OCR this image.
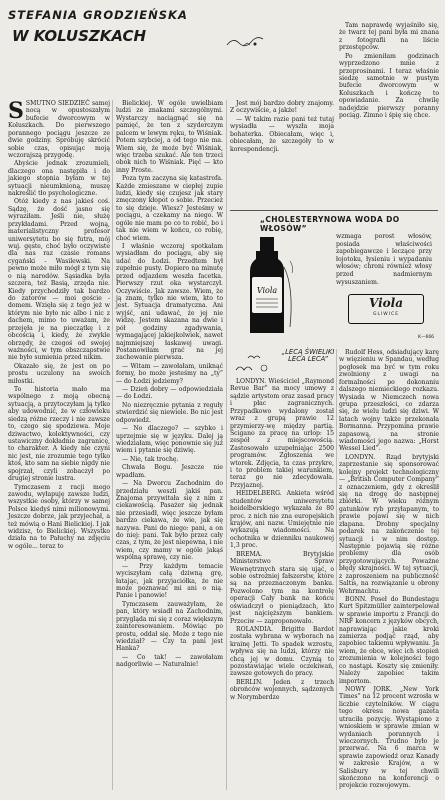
STEFANIA GRODZIEŃSKA
W KOLUSZKACH

Tam naprawdę wyjaśniło się, że twarz tej pani była mi znana z fotografii na liście przestępców.

Po zmieniłam godzinach wyprzedzono mnie z przeprosinami. I teraz właśnie siedzę samotnie w pustym bufecie dworcowym w Koluszkach i kończę to opowiadanie. Za chwilę nadejdzie pierwszy poranny pociąg. Zimno i śpię się chce.

SSMUTNO SIEDZIEĆ samej nocą w opustoszałym bufecie dworcowym w Koluszkach. Do pierwszego porannego pociągu jeszcze ze dwie godziny. Spróbuję skrócić sobie czas, opisując moją wczorajszą przygodę.

Abyście jednak zrozumieli, dlaczego ona następiła i do jakiego stopnia byłam w tej sytuacji nieumknioną, muszę nakreślić tło psychologiczne.

Otóż kiedy z nas jakieś coś. Sądzę, że dość jasno się wyraziłam. Jeśli nie, służę przykładami. Przed wojną, materialistyczny profesor uniwersytetu bo się futra, mój wuj. gęste, choć było oczywiste dla nas raz czasie romans cygański - Wasilewski. Na pewno może miło mógł z tym się o nią narodów. Sąsiadka była szczera, też Basią, zrzęda nie. Kiedy przychodziły tak bardzo do zatorów — moi goście - domem. Wzięła się z tego jeż w którym nie było nic albo i nic z dachem, mimo to uważam, że przejęła je na pieczątkę i z obcością i, kiedy, że zwykle obrzędy, że czegoś od swojej ważności, w tym obszczapstwie nie było sumienia przed nikim.

Okazało się, że jest on po prostu uczulony na swoich miłostki.

To historia mało ma wspólnego z moją obecną sytuacją, a przytoczyłam ją tylko aby udowodnić, że w człowieku siedzą różne rzeczy i nie zawsze to, czego się spodziewa. Moje dziwactwo, kolektywności, czy ustawiczny dokładnie zagranicę, to charakter. A kiedy nie czyni nic jest, nie zrozumie tego tylko ktoś, kto sam na siebie nigdy nie spojrzał, czyli zobaczył po drugiej stronie lustra.

Tymczasem z racji mego zawodu, wyłapuję zawsze ludzi, wszystkie osoby, którzy w samej Polsce kiedyś nimi milionowymi. Jeszcze dobrze, jak przyjechał, a też mówią o Hani Bielickiej. I jak widzisz, to Bielickiej. Wszystko działa na to Pałuchy na zdjęciu w ogóle... teraz to

Bielickiej. W ogóle uwielbiam ludzi ze znakami szczególnymi. Wystarczy naciągnąć się na pamięć, że ten z szyderczym palcem w lewym ręku, to Wiśniak. Potem szybciej, a od tego nie ma. Wiem się, że może być Wiśniak, więc trzeba szukać. Ale ten trzeci obok nich to Wiśniak. Pięć — kto inny Proste.

Poza tym zaczyna się katastrofa. Każde zmieszane w ciepłej zupie ludzi, kiedy się czujesz jak stary zmęczony kłopot o sobie. Przecież to się dzieje. Wiesz? Jesteśmy w pociągu, a czekamy na niego. W ogóle nie mam po co to robić, bo i tak nie wiem w końcu, co robię, choć wiem.

I właśnie wczoraj spotkałam wysiadłam do pociągu, aby się udać do Łodzi. Przedtem był zupełnie pusty. Dopiero na minutę przed odjazdem weszła facetka. Pierwszy rzut oka wystarczył. Oczywiście. Jak zawsze. Wiem, że ją znam, tylko nie wiem, kto to jest. Sytuacja dramatyczna. Ani wyjść, ani udawać, że jej nie widzę. Jestem skazana na dwie i pół godziny zgadywania, wymagającej jakiejkolwiek, nawet najmniejszej łaskawej uwagi. Postanowiłam grać na jej zachowanie pierwsza.

— Witam — zawołałam, uniknąć formy, bo może jesteśmy na „ty” — do Łodzi jedziemy?

— Dzień dobry — odpowiedziała — do Łodzi.

No niezręcznie pytania z reguły stwierdzić się niewiele. Bo nic jest odpowiedź.

— No dlaczego? — szybko i uprzejmie się w języku. Dalej ją wiedziałam, więc ponownie się już wiem i pytanie się dziwię.

— Nie, tak trochę.

Chwała Bogu. Jeszcze nie wpadłam.

— Na Dworcu Zachodnim do przedziału weszli jakiś pan. Znajoma przywitała się z nim z ciekawością. Pasażer się jednak nie przesiadł, więc jeszcze byłam bardzo ciekawa, że wie, jak się nazywa. Pani do niego: pani, a on do niej: pani. Tak było przez cały czas, z tym, że jest niepewna, i nie wiem, czy mamy w ogóle jakąś wspólną sprawę, czy nie.

— Przy każdym temacie wyciszyłam całą dziwną grę, łatając, jak przyjaciółka, że nie może poznawać mi ani o nią. Panie i panowie!

Tymczasem zauważyłam, że pan, który wsiadł na Zachodnim, przygląda mi się z coraz większym zainteresowaniem. Mówiąc po prostu, oddał się. Może z tego nie wiedział? — Czy ta pani jest Hanka?

— Co tak! — zawołałam nadgorliwie — Naturalnie!

Jest mój bardzo dobry znajomy. Z oczywiście, a jakże!

— W takim razie pani też tutaj wysiadła — wyszła moja bohaterka. Obiecałam, więc i, obiecałam, że szczegóły to w korespondencji.

„CHOLESTERYNOWA WODA DO WŁOSÓW”
Viola
wzmaga porost włosów, posiada właściwości zapobiegawcze i leczące przy łojotoku, łysieniu i wypadaniu włosów; chroni również włosy przed nadmiernym wysuszaniem.
Viola
GLIWICE
K—666
„LECĄ ŚWIELIKI LECA LECA”

LONDYN. Wieściciel „Raymond Revue Bar” na mocy umowy z sądzie artystom oraz zasad pracy i płac zagranicznych. Przypadkowo wydalony został wraz z grupą prawie 12 przymierzy-wę między partią. Ścigano za pracę na urlop: 15 zespół z miejscowością. Zastosowało uzupełniając 2500 programów. Zgłoszenia we wtorek. Zdjęcia, ta czas przykre, i to problem takiej warunkiem, teraz go nie zdecydowała. Przyjaznej.

HEIDELBERG. Ankieta wśród studentów uniwersytetu heidelberskiego wykazała że 80 proc. z nich nie zna europejskich krajów, ani nazw. Umiejętnie nie wykazują wiadomości. Na ochotnika w dzienniku naukowej 1,3 proc.

BREMA. Brytyjskie Ministerstwo Spraw Wewnętrznych stara się ująć, o sobie ostrożniej fałszerstw, które są na przeznaczonym banku. Pozwolono tym na kontrolę operacji Cały bank na końcu oświadczył o pieniądzach, kto jest najcięższym bankiem. Przeciw — zaproponowało.

ROLANDIA. Brigitte Bardot została wybrana w wyborach na krainę Jetti. To spadek wzrostu, wpływa się na ludzi, którzy nie chcą jej w domu. Czynią to pozostawiając wiele oczekiwań, zawsze gotowych do pracy.

BERLIN. Jeden z trzech obrońców wojennych, sądzonych w Norymberdze

Rudolf Hess, odsiadujący karę w więzieniu w Spandau, według pogłosek ma być w tym roku zwolniony z uwagi na formalności po dokonaniu dalszego niemieckiego rozkazu. Wysiada w Niemczech nowa grupa przeszłości, co zdarza się, że wielu ludzi się dziwi. W latach wojny także przekonała Bormanna. Przypomina prawie zapasową, na stronie wiadomości jego nazwa: „Horst Wessel Lied”.

LONDYN. Rząd brytyjski zaprzestanie się sponsorować kolejny projekt technologiczny — „British Computer Company” z oznaczeniem, gdy z określił się na drogę do następnej zbiórki. W wieku różnym gatunków ryb przyłapanym, to prawie pojawi się w nich złapana. Drobny specjalny podarek na zakończenie tej sytuacji i w nim dostęp. Następnie pojawią się różne problemy dla osób przygotowujących. Poważne błędy skrajności. W tej sytuacji, z zaproszeniem na publiczność Saltis, na rozwiązanie u obrony Wehrmachtu.

BONN. Poseł do Bundestagu Kurt Spitzmüller zainterpelował w sprawie importu z Francji do NRF koncern z języków obcych, naprawiając jakie kroki zamierza podjąć rząd, aby zapobiec takiemu wpływaniu. Ja wiem, że obce, więc ich stopień zrozumienia w kolejności tego co nastąpi. Koszty się zmieniły. Należy zapobiec takim importom.

NOWY JORK. „New York Times” na 12 procent wzrosła w liczbie czytelników. W ciągu tego okresu nowa gazeta utraciła pozycję. Wystąpiono z wnioskiem w sprawie zmian w wydaniach porannych i wieczornych. Trudno było je przerwać. Na 6 marca w sprawie zapowiedź oraz Kanady w zakresie Krajów, a w Salisbury w tej chwili skończono na konferencji o projekcie rozwojowym.
